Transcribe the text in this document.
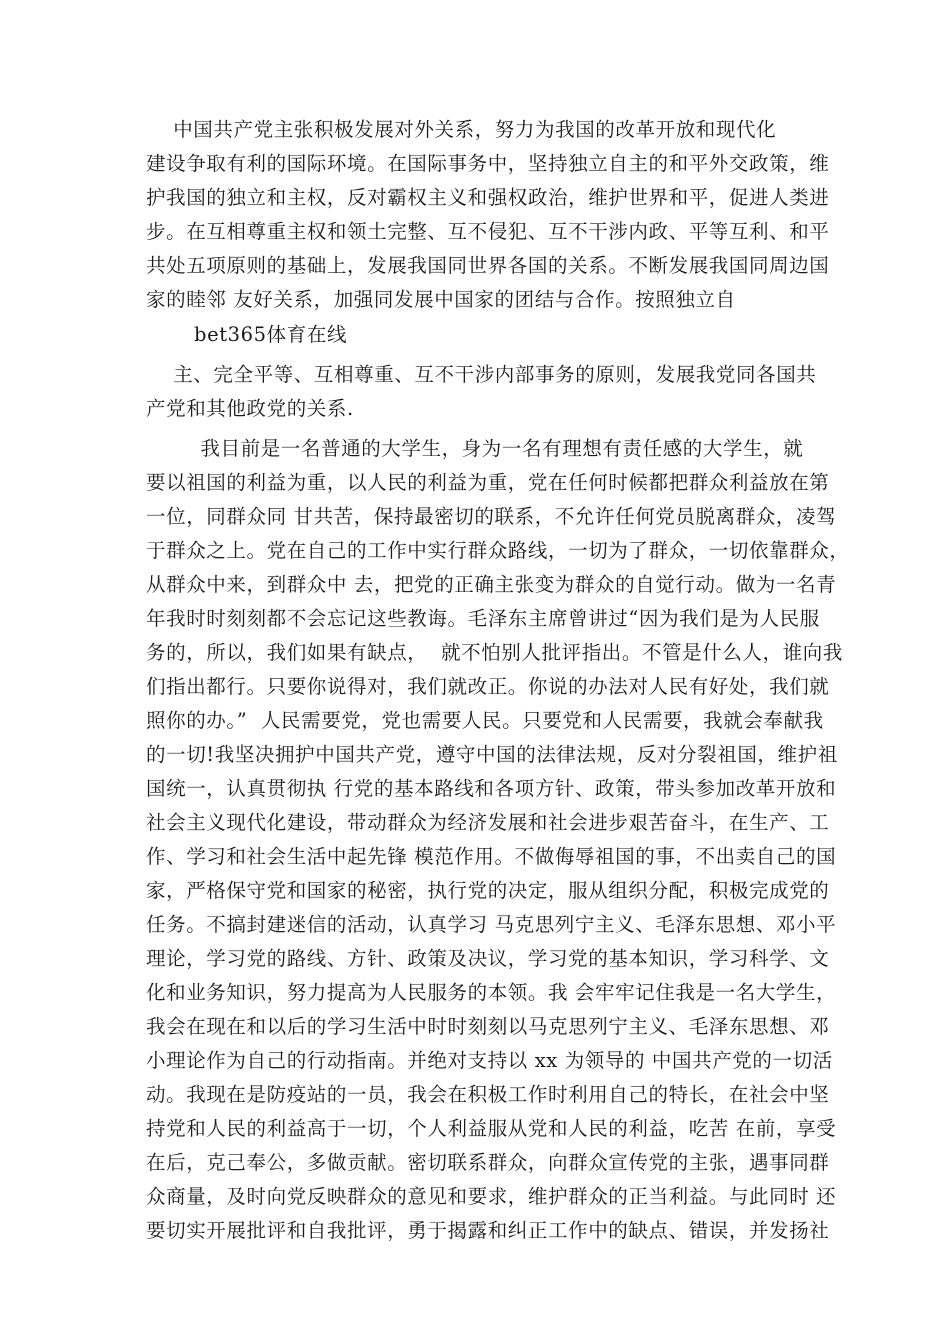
中国共产党主张积极发展对外关系，努力为我国的改革开放和现代化
建设争取有利的国际环境。在国际事务中，坚持独立自主的和平外交政策，维
护我国的独立和主权，反对霸权主义和强权政治，维护世界和平，促进人类进
步。在互相尊重主权和领土完整、互不侵犯、互不干涉内政、平等互利、和平
共处五项原则的基础上，发展我国同世界各国的关系。不断发展我国同周边国
家的睦邻 友好关系，加强同发展中国家的团结与合作。按照独立自
bet365体育在线
主、完全平等、互相尊重、互不干涉内部事务的原则，发展我党同各国共
产党和其他政党的关系.
我目前是一名普通的大学生，身为一名有理想有责任感的大学生，就
要以祖国的利益为重，以人民的利益为重，党在任何时候都把群众利益放在第
一位，同群众同 甘共苦，保持最密切的联系，不允许任何党员脱离群众，凌驾
于群众之上。党在自己的工作中实行群众路线，一切为了群众，一切依靠群众，
从群众中来，到群众中 去，把党的正确主张变为群众的自觉行动。做为一名青
年我时时刻刻都不会忘记这些教诲。毛泽东主席曾讲过“因为我们是为人民服
务的，所以，我们如果有缺点，  就不怕别人批评指出。不管是什么人，谁向我
们指出都行。只要你说得对，我们就改正。你说的办法对人民有好处，我们就
照你的办。”  人民需要党，党也需要人民。只要党和人民需要，我就会奉献我
的一切!我坚决拥护中国共产党，遵守中国的法律法规，反对分裂祖国，维护祖
国统一，认真贯彻执 行党的基本路线和各项方针、政策，带头参加改革开放和
社会主义现代化建设，带动群众为经济发展和社会进步艰苦奋斗，在生产、工
作、学习和社会生活中起先锋 模范作用。不做侮辱祖国的事，不出卖自己的国
家，严格保守党和国家的秘密，执行党的决定，服从组织分配，积极完成党的
任务。不搞封建迷信的活动，认真学习 马克思列宁主义、毛泽东思想、邓小平
理论，学习党的路线、方针、政策及决议，学习党的基本知识，学习科学、文
化和业务知识，努力提高为人民服务的本领。我 会牢牢记住我是一名大学生，
我会在现在和以后的学习生活中时时刻刻以马克思列宁主义、毛泽东思想、邓
小理论作为自己的行动指南。并绝对支持以 xx 为领导的 中国共产党的一切活
动。我现在是防疫站的一员，我会在积极工作时利用自己的特长，在社会中坚
持党和人民的利益高于一切，个人利益服从党和人民的利益，吃苦 在前，享受
在后，克己奉公，多做贡献。密切联系群众，向群众宣传党的主张，遇事同群
众商量，及时向党反映群众的意见和要求，维护群众的正当利益。与此同时 还
要切实开展批评和自我批评，勇于揭露和纠正工作中的缺点、错误，并发扬社
